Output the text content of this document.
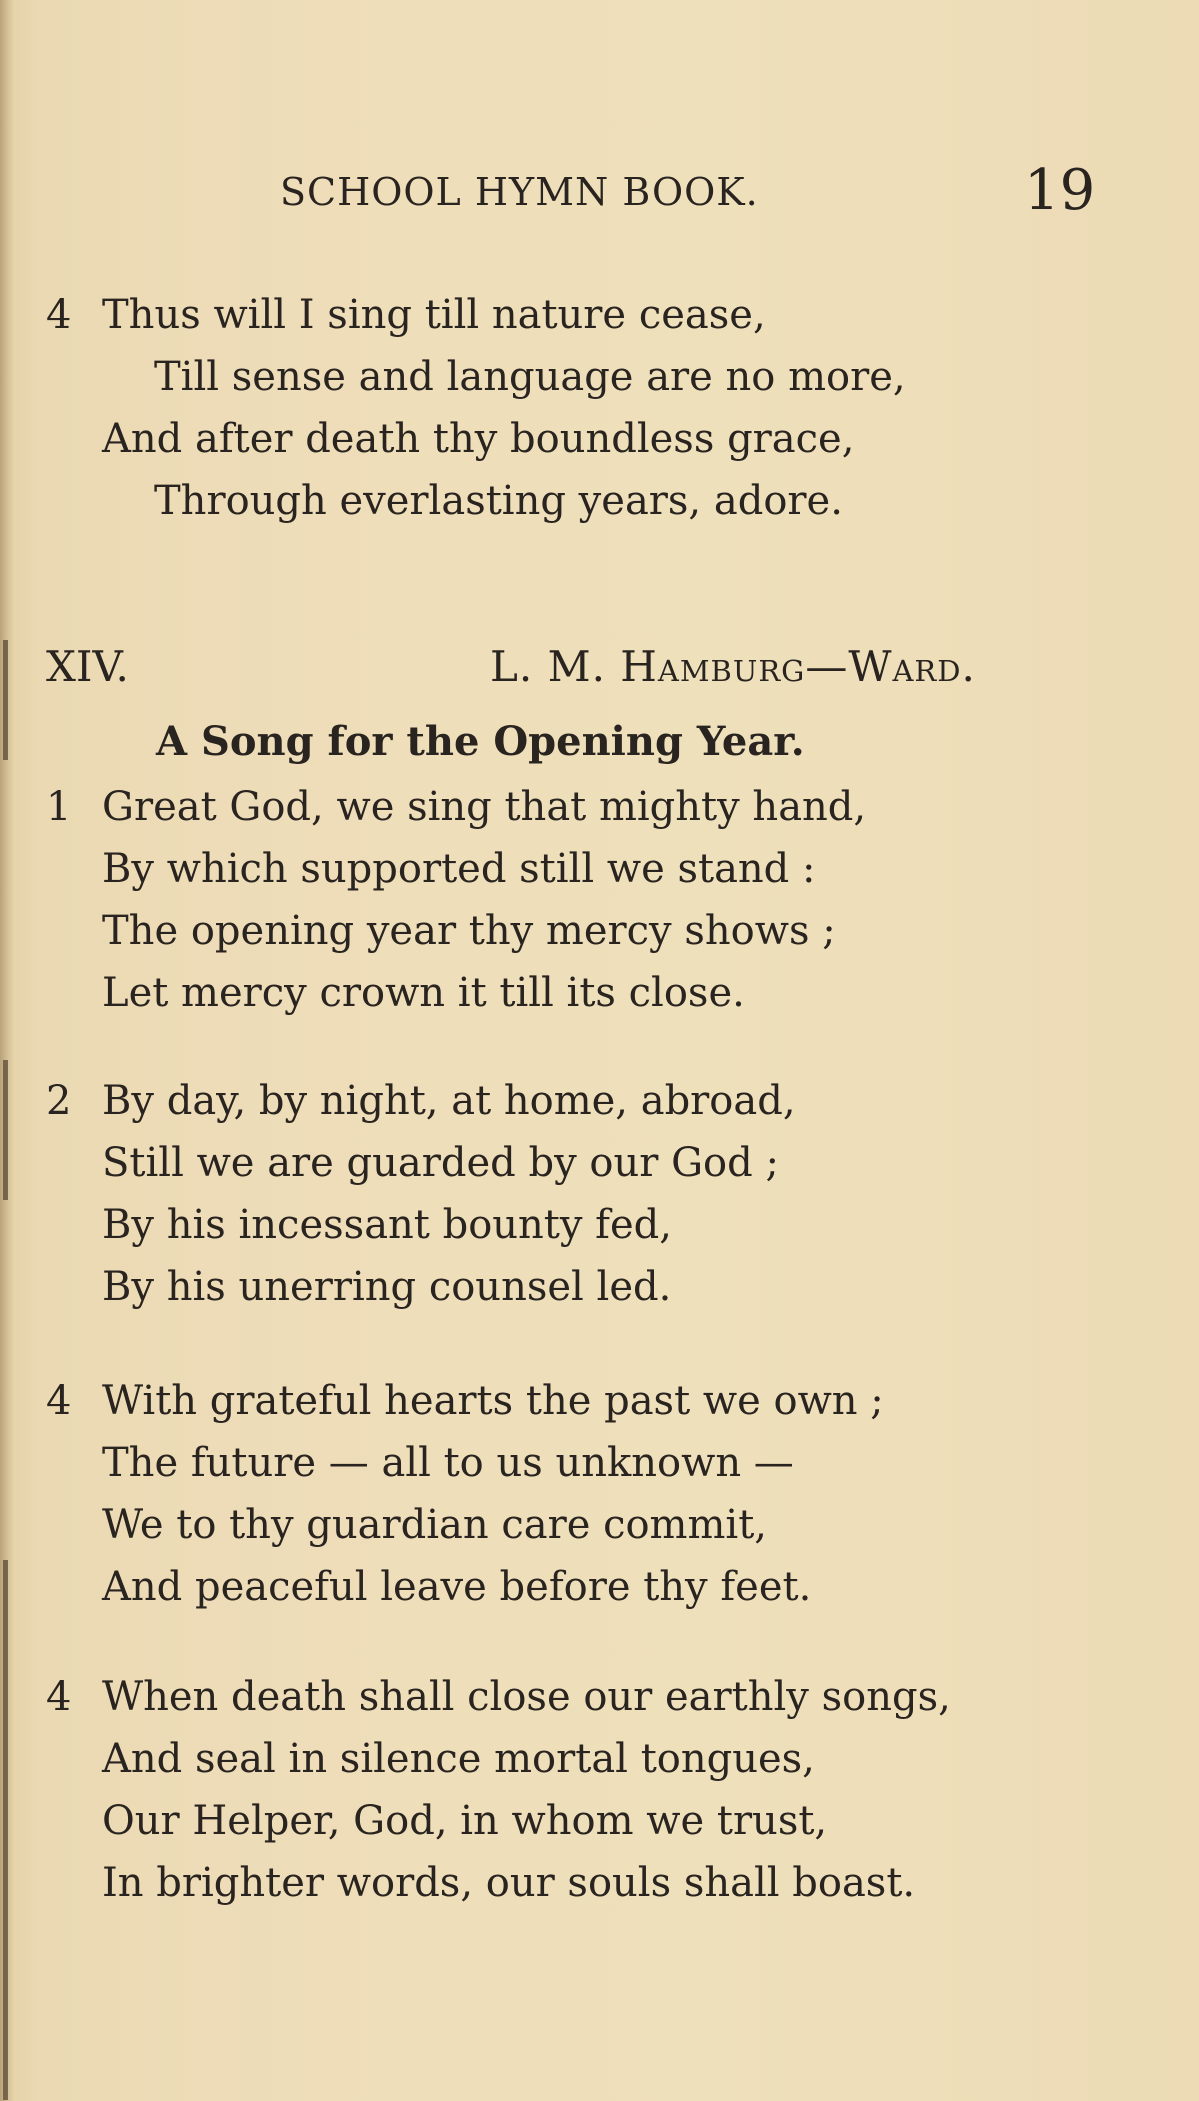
SCHOOL HYMN BOOK.	19
4 Thus will I sing till nature cease,
Till sense and language are no more,
And after death thy boundless grace,
Through everlasting years, adore.
XIV.	L. M. Hamburg—Ward.
A Song for the Opening Year.
1 Great God, we sing that mighty hand,
By which supported still we stand :
The opening year thy mercy shows ;
Let mercy crown it till its close.
2 By day, by night, at home, abroad,
Still we are guarded by our God ;
By his incessant bounty fed,
By his unerring counsel led.
4 With grateful hearts the past we own ;
The future — all to us unknown —
We to thy guardian care commit,
And peaceful leave before thy feet.
4 When death shall close our earthly songs,
And seal in silence mortal tongues,
Our Helper, God, in whom we trust,
In brighter words, our souls shall boast.
